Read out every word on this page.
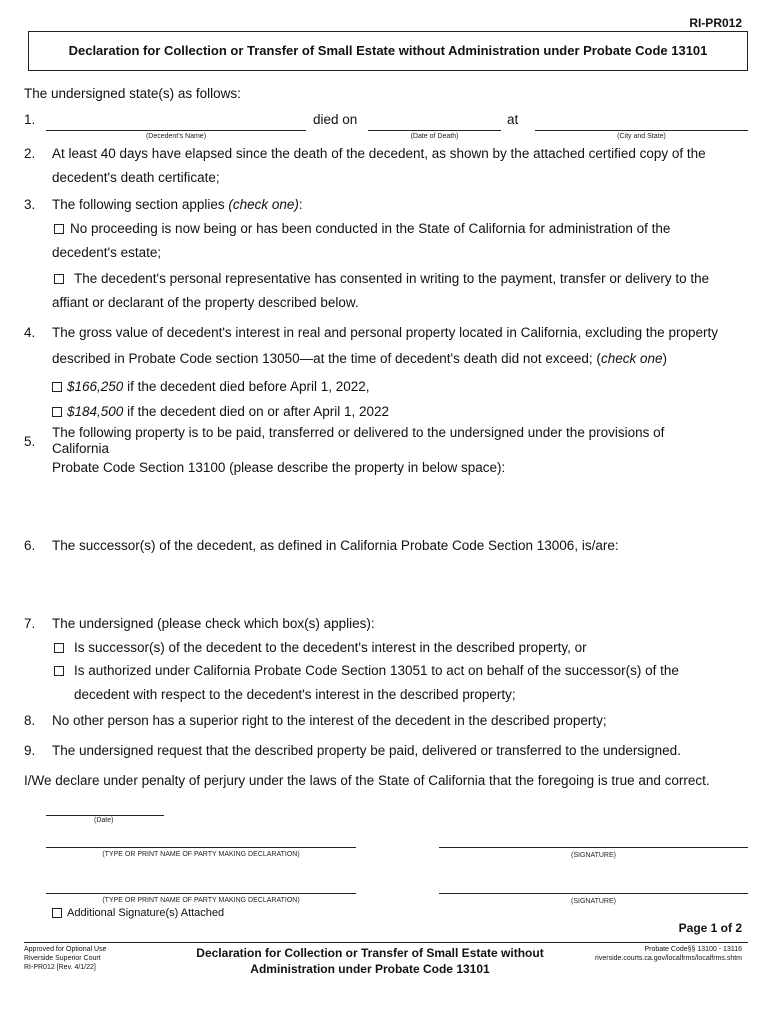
RI-PR012
Declaration for Collection or Transfer of Small Estate without Administration under Probate Code 13101
The undersigned state(s) as follows:
1.	died on	at
(Decedent's Name)	(Date of Death)	(City and State)
2. At least 40 days have elapsed since the death of the decedent, as shown by the attached certified copy of the
decedent's death certificate;
3. The following section applies (check one):
No proceeding is now being or has been conducted in the State of California for administration of the
decedent's estate;
The decedent's personal representative has consented in writing to the payment, transfer or delivery to the
affiant or declarant of the property described below.
4. The gross value of decedent's interest in real and personal property located in California, excluding the property
described in Probate Code section 13050—at the time of decedent's death did not exceed; (check one)
$166,250 if the decedent died before April 1, 2022,
$184,500 if the decedent died on or after April 1, 2022
5.
The following property is to be paid, transferred or delivered to the undersigned under the provisions of
California
Probate Code Section 13100 (please describe the property in below space):
6. The successor(s) of the decedent, as defined in California Probate Code Section 13006, is/are:
7. The undersigned (please check which box(s) applies):
Is successor(s) of the decedent to the decedent's interest in the described property, or
Is authorized under California Probate Code Section 13051 to act on behalf of the successor(s) of the
decedent with respect to the decedent's interest in the described property;
8. No other person has a superior right to the interest of the decedent in the described property;
9. The undersigned request that the described property be paid, delivered or transferred to the undersigned.
I/We declare under penalty of perjury under the laws of the State of California that the foregoing is true and correct.
(Date)
(TYPE OR PRINT NAME OF PARTY MAKING DECLARATION)	(SIGNATURE)
(TYPE OR PRINT NAME OF PARTY MAKING DECLARATION)	(SIGNATURE)
Additional Signature(s) Attached
Page 1 of 2
Approved for Optional Use
Riverside Superior Court
RI-PR012 [Rev. 4/1/22]
Declaration for Collection or Transfer of Small Estate without
Administration under Probate Code 13101
Probate Code§§ 13100 - 13116
riverside.courts.ca.gov/localfrms/localfrms.shtm
